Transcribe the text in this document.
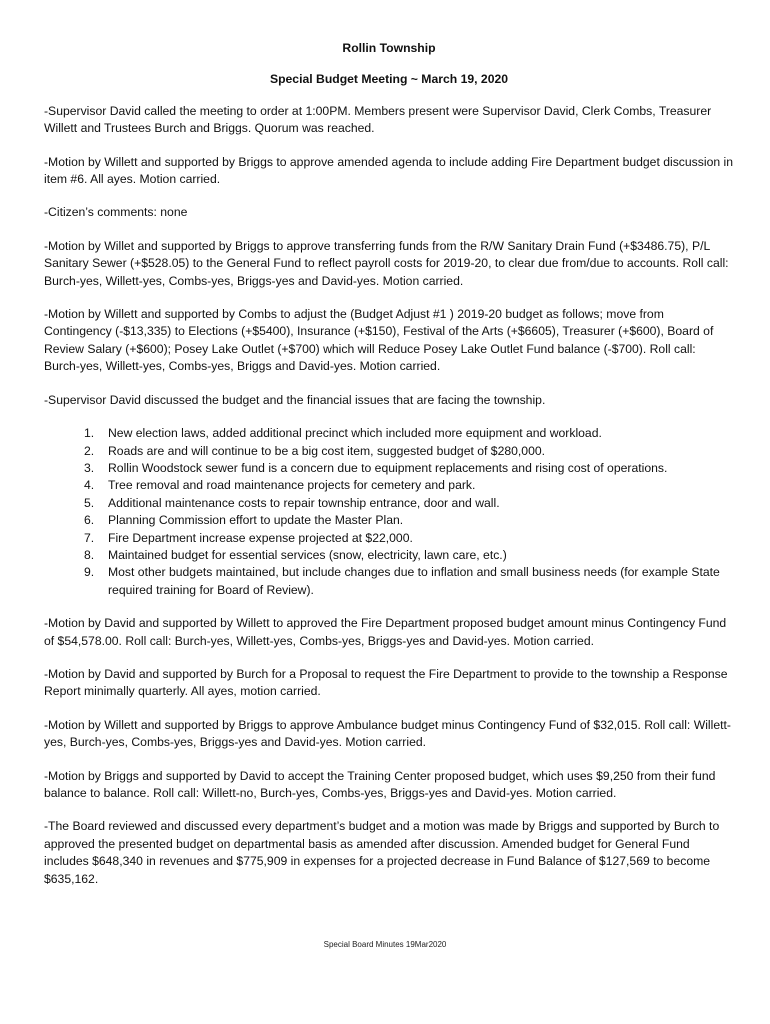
Rollin Township

Special Budget Meeting ~ March 19, 2020

-Supervisor David called the meeting to order at 1:00PM. Members present were Supervisor David, Clerk Combs, Treasurer Willett and Trustees Burch and Briggs. Quorum was reached.

-Motion by Willett and supported by Briggs to approve amended agenda to include adding Fire Department budget discussion in item #6. All ayes. Motion carried.

-Citizen’s comments: none

-Motion by Willet and supported by Briggs to approve transferring funds from the R/W Sanitary Drain Fund (+$3486.75), P/L Sanitary Sewer (+$528.05) to the General Fund to reflect payroll costs for 2019-20, to clear due from/due to accounts. Roll call: Burch-yes, Willett-yes, Combs-yes, Briggs-yes and David-yes. Motion carried.

-Motion by Willett and supported by Combs to adjust the (Budget Adjust #1 ) 2019-20 budget as follows; move from Contingency (-$13,335) to Elections (+$5400), Insurance (+$150), Festival of the Arts (+$6605), Treasurer (+$600), Board of Review Salary (+$600); Posey Lake Outlet (+$700) which will Reduce Posey Lake Outlet Fund balance (-$700). Roll call: Burch-yes, Willett-yes, Combs-yes, Briggs and David-yes. Motion carried.

-Supervisor David discussed the budget and the financial issues that are facing the township.

1.	New election laws, added additional precinct which included more equipment and workload.
2.	Roads are and will continue to be a big cost item, suggested budget of $280,000.
3.	Rollin Woodstock sewer fund is a concern due to equipment replacements and rising cost of operations.
4.	Tree removal and road maintenance projects for cemetery and park.
5.	Additional maintenance costs to repair township entrance, door and wall.
6.	Planning Commission effort to update the Master Plan.
7.	Fire Department increase expense projected at $22,000.
8.	Maintained budget for essential services (snow, electricity, lawn care, etc.)
9.	Most other budgets maintained, but include changes due to inflation and small business needs (for example State required training for Board of Review).

-Motion by David and supported by Willett to approved the Fire Department proposed budget amount minus Contingency Fund of $54,578.00. Roll call: Burch-yes, Willett-yes, Combs-yes, Briggs-yes and David-yes. Motion carried.

-Motion by David and supported by Burch for a Proposal to request the Fire Department to provide to the township a Response Report minimally quarterly. All ayes, motion carried.

-Motion by Willett and supported by Briggs to approve Ambulance budget minus Contingency Fund of $32,015. Roll call: Willett-yes, Burch-yes, Combs-yes, Briggs-yes and David-yes. Motion carried.

-Motion by Briggs and supported by David to accept the Training Center proposed budget, which uses $9,250 from their fund balance to balance. Roll call: Willett-no, Burch-yes, Combs-yes, Briggs-yes and David-yes. Motion carried.

-The Board reviewed and discussed every department’s budget and a motion was made by Briggs and supported by Burch to approved the presented budget on departmental basis as amended after discussion. Amended budget for General Fund includes $648,340 in revenues and $775,909 in expenses for a projected decrease in Fund Balance of $127,569 to become $635,162.

Special Board Minutes 19Mar2020
